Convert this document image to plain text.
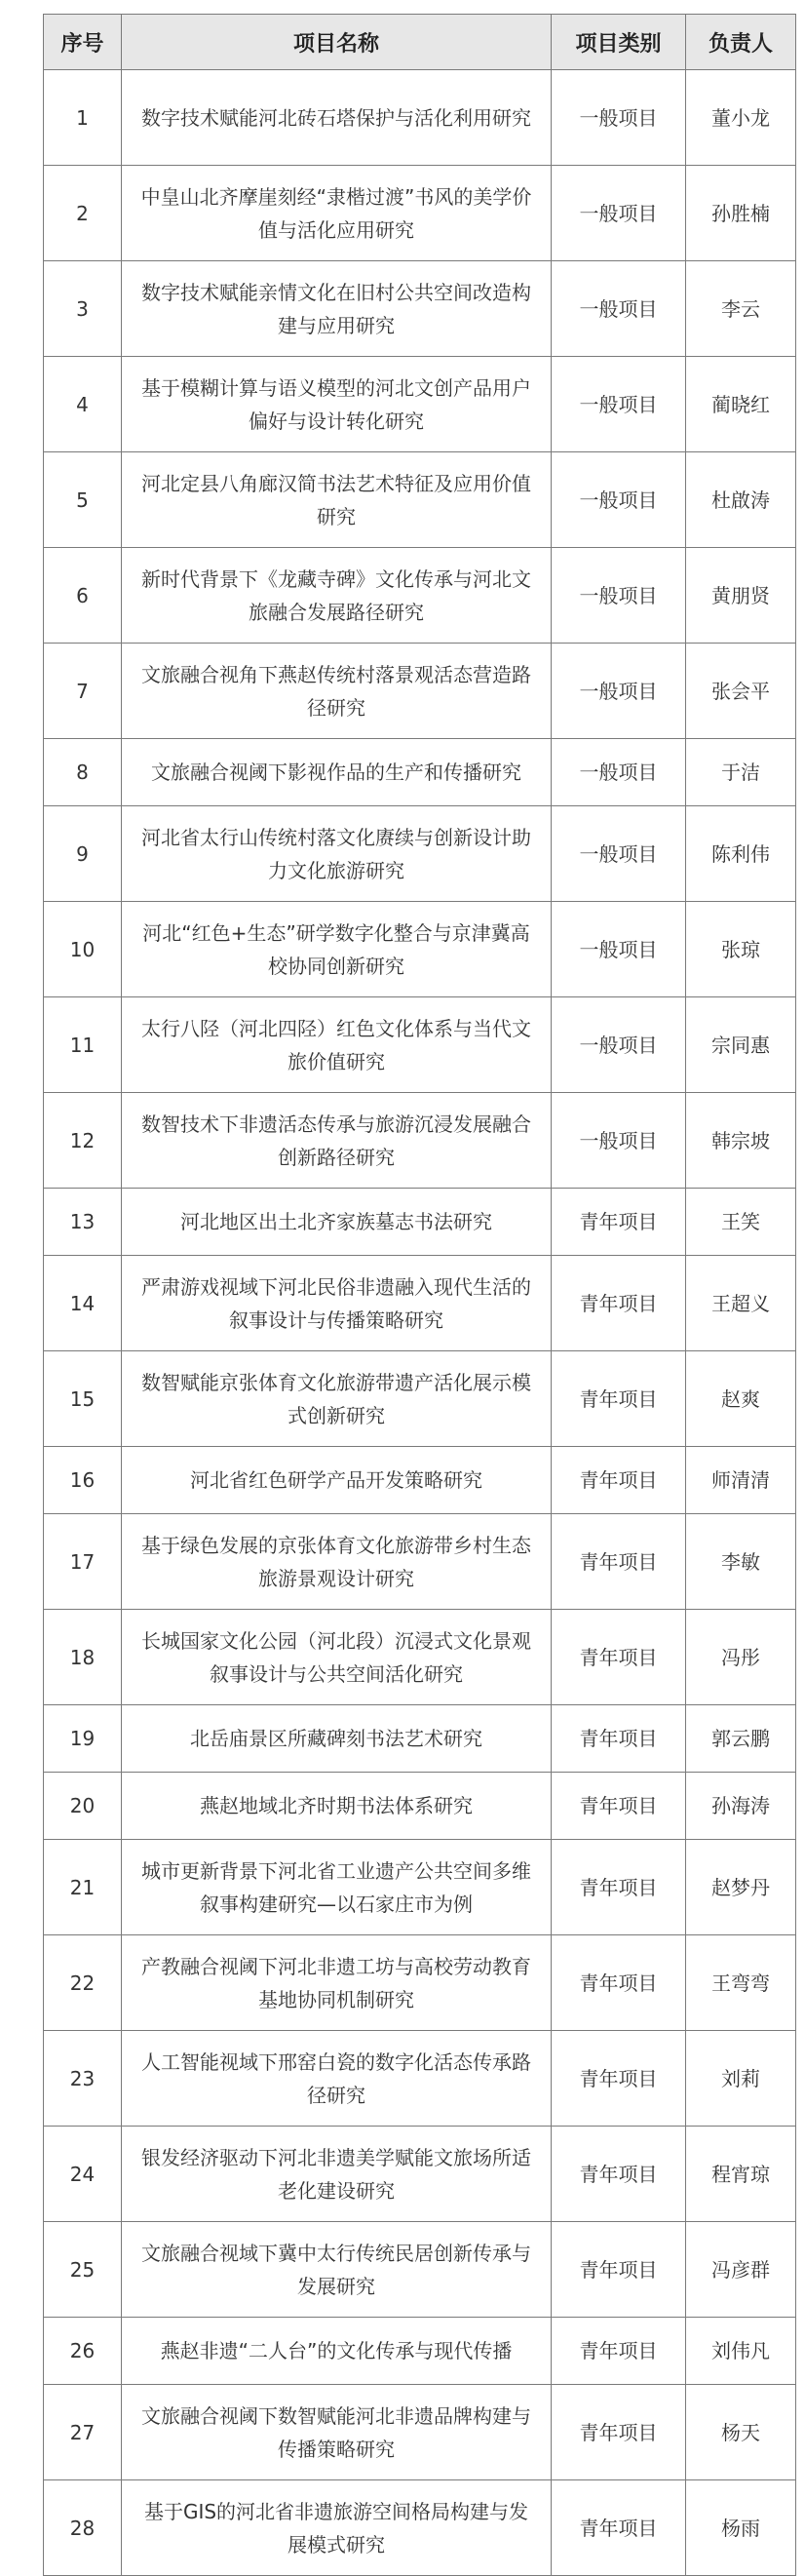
序号	项目名称	项目类别	负责人
1	数字技术赋能河北砖石塔保护与活化利用研究	一般项目	董小龙
2	中皇山北齐摩崖刻经“隶楷过渡”书风的美学价值与活化应用研究	一般项目	孙胜楠
3	数字技术赋能亲情文化在旧村公共空间改造构建与应用研究	一般项目	李云
4	基于模糊计算与语义模型的河北文创产品用户偏好与设计转化研究	一般项目	蔺晓红
5	河北定县八角廊汉简书法艺术特征及应用价值研究	一般项目	杜啟涛
6	新时代背景下《龙藏寺碑》文化传承与河北文旅融合发展路径研究	一般项目	黄朋贤
7	文旅融合视角下燕赵传统村落景观活态营造路径研究	一般项目	张会平
8	文旅融合视阈下影视作品的生产和传播研究	一般项目	于洁
9	河北省太行山传统村落文化赓续与创新设计助力文化旅游研究	一般项目	陈利伟
10	河北“红色+生态”研学数字化整合与京津冀高校协同创新研究	一般项目	张琼
11	太行八陉（河北四陉）红色文化体系与当代文旅价值研究	一般项目	宗同惠
12	数智技术下非遗活态传承与旅游沉浸发展融合创新路径研究	一般项目	韩宗坡
13	河北地区出土北齐家族墓志书法研究	青年项目	王笑
14	严肃游戏视域下河北民俗非遗融入现代生活的叙事设计与传播策略研究	青年项目	王超义
15	数智赋能京张体育文化旅游带遗产活化展示模式创新研究	青年项目	赵爽
16	河北省红色研学产品开发策略研究	青年项目	师清清
17	基于绿色发展的京张体育文化旅游带乡村生态旅游景观设计研究	青年项目	李敏
18	长城国家文化公园（河北段）沉浸式文化景观叙事设计与公共空间活化研究	青年项目	冯彤
19	北岳庙景区所藏碑刻书法艺术研究	青年项目	郭云鹏
20	燕赵地域北齐时期书法体系研究	青年项目	孙海涛
21	城市更新背景下河北省工业遗产公共空间多维叙事构建研究—以石家庄市为例	青年项目	赵梦丹
22	产教融合视阈下河北非遗工坊与高校劳动教育基地协同机制研究	青年项目	王弯弯
23	人工智能视域下邢窑白瓷的数字化活态传承路径研究	青年项目	刘莉
24	银发经济驱动下河北非遗美学赋能文旅场所适老化建设研究	青年项目	程宵琼
25	文旅融合视域下冀中太行传统民居创新传承与发展研究	青年项目	冯彦群
26	燕赵非遗“二人台”的文化传承与现代传播	青年项目	刘伟凡
27	文旅融合视阈下数智赋能河北非遗品牌构建与传播策略研究	青年项目	杨天
28	基于GIS的河北省非遗旅游空间格局构建与发展模式研究	青年项目	杨雨
